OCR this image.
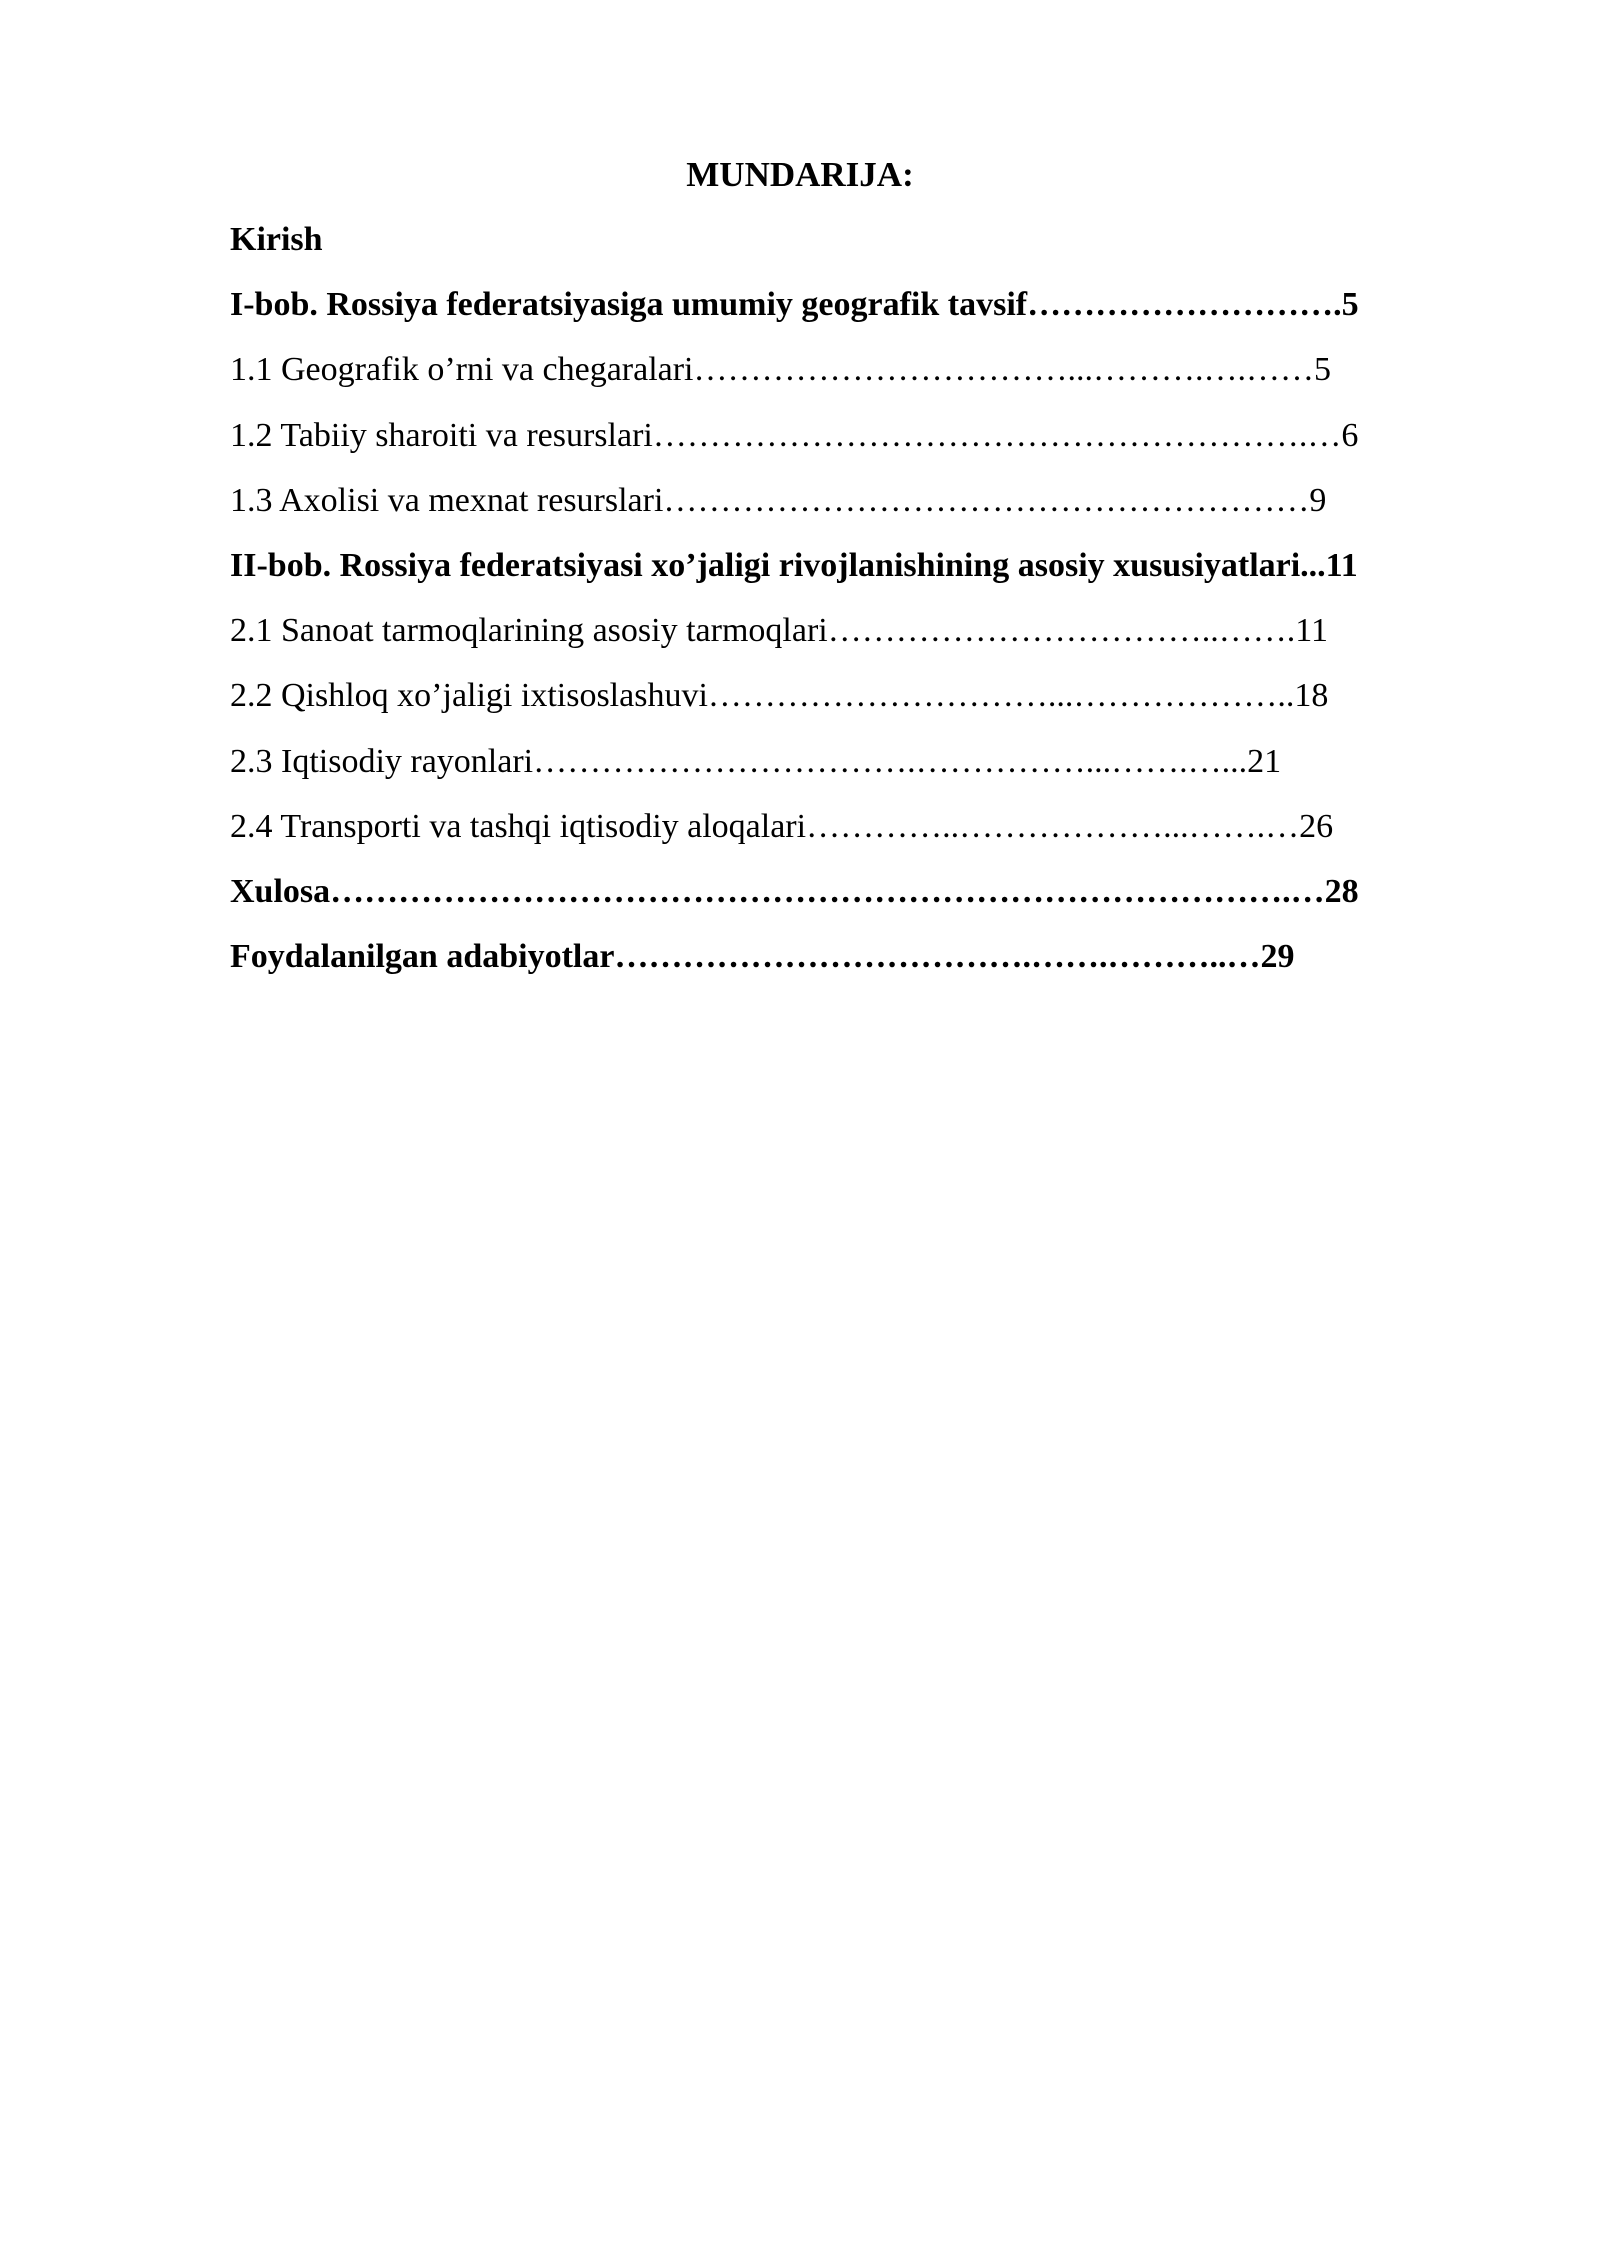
MUNDARIJA:
Kirish
I-bob. Rossiya federatsiyasiga umumiy geografik tavsif……………………….5
1.1 Geografik o’rni va chegaralari……………………………...……….….……5
1.2 Tabiiy sharoiti va resurslari………………………………………………….…6
1.3 Axolisi va mexnat resurslari…………………………………………………9
II-bob. Rossiya federatsiyasi xo’jaligi rivojlanishining asosiy xususiyatlari...11
2.1 Sanoat tarmoqlarining asosiy tarmoqlari……………………………..…….11
2.2 Qishloq xo’jaligi ixtisoslashuvi…………………………...………………..18
2.3 Iqtisodiy rayonlari…………………………….……………...…….…...21
2.4 Transporti va tashqi iqtisodiy aloqalari…………..………………...…….…26
Xulosa………………………………………………………………………….…28
Foydalanilgan adabiyotlar……………………………….…….………..…29
